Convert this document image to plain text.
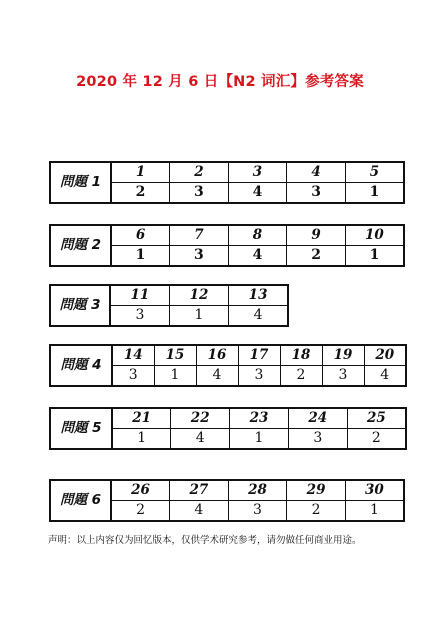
2020 年 12 月 6 日【N2 词汇】参考答案
問題 1	1	2	3	4	5
	2	3	4	3	1
問題 2	6	7	8	9	10
	1	3	4	2	1
問題 3	11	12	13
	3	1	4
問題 4	14	15	16	17	18	19	20
	3	1	4	3	2	3	4
問題 5	21	22	23	24	25
	1	4	1	3	2
問題 6	26	27	28	29	30
	2	4	3	2	1
声明：以上内容仅为回忆版本，仅供学术研究参考，请勿做任何商业用途。
